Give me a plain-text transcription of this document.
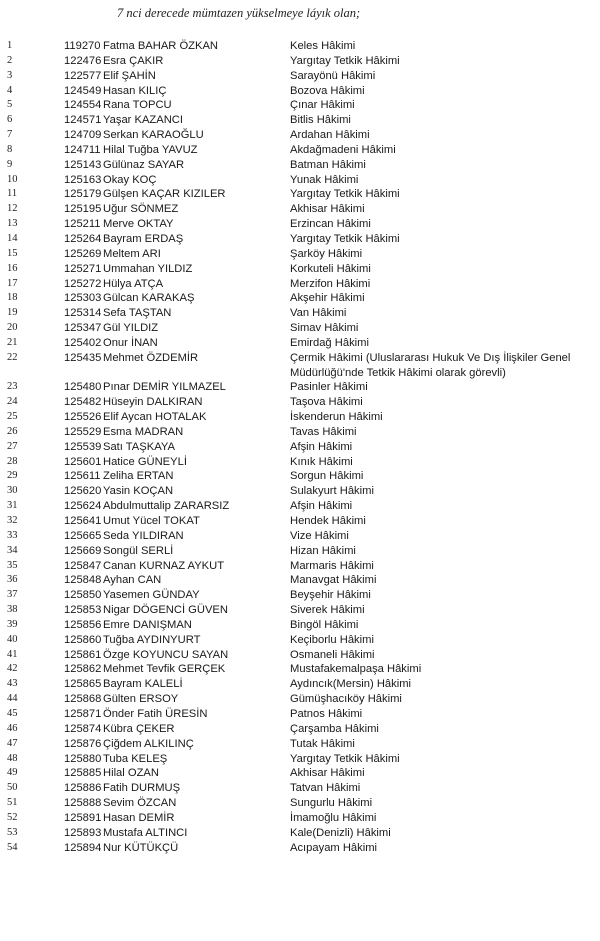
7 nci derecede mümtazen yükselmeye láyık olan;
1	119270 Fatma BAHAR ÖZKAN	Keles Hâkimi
2	122476 Esra ÇAKIR	Yargıtay Tetkik Hâkimi
3	122577 Elif ŞAHİN	Sarayönü Hâkimi
4	124549 Hasan KILIÇ	Bozova Hâkimi
5	124554 Rana TOPCU	Çınar Hâkimi
6	124571 Yaşar KAZANCI	Bitlis Hâkimi
7	124709 Serkan KARAOĞLU	Ardahan Hâkimi
8	124711 Hilal Tuğba YAVUZ	Akdağmadeni Hâkimi
9	125143 Gülünaz SAYAR	Batman Hâkimi
10	125163 Okay KOÇ	Yunak Hâkimi
11	125179 Gülşen KAÇAR KIZILER	Yargıtay Tetkik Hâkimi
12	125195 Uğur SÖNMEZ	Akhisar Hâkimi
13	125211 Merve OKTAY	Erzincan Hâkimi
14	125264 Bayram ERDAŞ	Yargıtay Tetkik Hâkimi
15	125269 Meltem ARI	Şarköy Hâkimi
16	125271 Ummahan YILDIZ	Korkuteli Hâkimi
17	125272 Hülya ATÇA	Merzifon Hâkimi
18	125303 Gülcan KARAKAŞ	Akşehir Hâkimi
19	125314 Sefa TAŞTAN	Van Hâkimi
20	125347 Gül YILDIZ	Simav Hâkimi
21	125402 Onur İNAN	Emirdağ Hâkimi
22	125435 Mehmet ÖZDEMİR	Çermik Hâkimi (Uluslararası Hukuk Ve Dış İlişkiler Genel Müdürlüğü'nde Tetkik Hâkimi olarak görevli)
23	125480 Pınar DEMİR YILMAZEL	Pasinler Hâkimi
24	125482 Hüseyin DALKIRAN	Taşova Hâkimi
25	125526 Elif Aycan HOTALAK	İskenderun Hâkimi
26	125529 Esma MADRAN	Tavas Hâkimi
27	125539 Satı TAŞKAYA	Afşin Hâkimi
28	125601 Hatice GÜNEYLİ	Kınık Hâkimi
29	125611 Zeliha ERTAN	Sorgun Hâkimi
30	125620 Yasin KOÇAN	Sulakyurt Hâkimi
31	125624 Abdulmuttalip ZARARSIZ	Afşin Hâkimi
32	125641 Umut Yücel TOKAT	Hendek Hâkimi
33	125665 Seda YILDIRAN	Vize Hâkimi
34	125669 Songül SERLİ	Hizan Hâkimi
35	125847 Canan KURNAZ AYKUT	Marmaris Hâkimi
36	125848 Ayhan CAN	Manavgat Hâkimi
37	125850 Yasemen GÜNDAY	Beyşehir Hâkimi
38	125853 Nigar DÖGENCİ GÜVEN	Siverek Hâkimi
39	125856 Emre DANIŞMAN	Bingöl Hâkimi
40	125860 Tuğba AYDINYURT	Keçiborlu Hâkimi
41	125861 Özge KOYUNCU SAYAN	Osmaneli Hâkimi
42	125862 Mehmet Tevfik GERÇEK	Mustafakemalpaşa Hâkimi
43	125865 Bayram KALELİ	Aydıncık(Mersin) Hâkimi
44	125868 Gülten ERSOY	Gümüşhacıköy Hâkimi
45	125871 Önder Fatih ÜRESİN	Patnos Hâkimi
46	125874 Kübra ÇEKER	Çarşamba Hâkimi
47	125876 Çiğdem ALKILINÇ	Tutak Hâkimi
48	125880 Tuba KELEŞ	Yargıtay Tetkik Hâkimi
49	125885 Hilal OZAN	Akhisar Hâkimi
50	125886 Fatih DURMUŞ	Tatvan Hâkimi
51	125888 Sevim ÖZCAN	Sungurlu Hâkimi
52	125891 Hasan DEMİR	İmamoğlu Hâkimi
53	125893 Mustafa ALTINCI	Kale(Denizli) Hâkimi
54	125894 Nur KÜTÜKÇÜ	Acıpayam Hâkimi
